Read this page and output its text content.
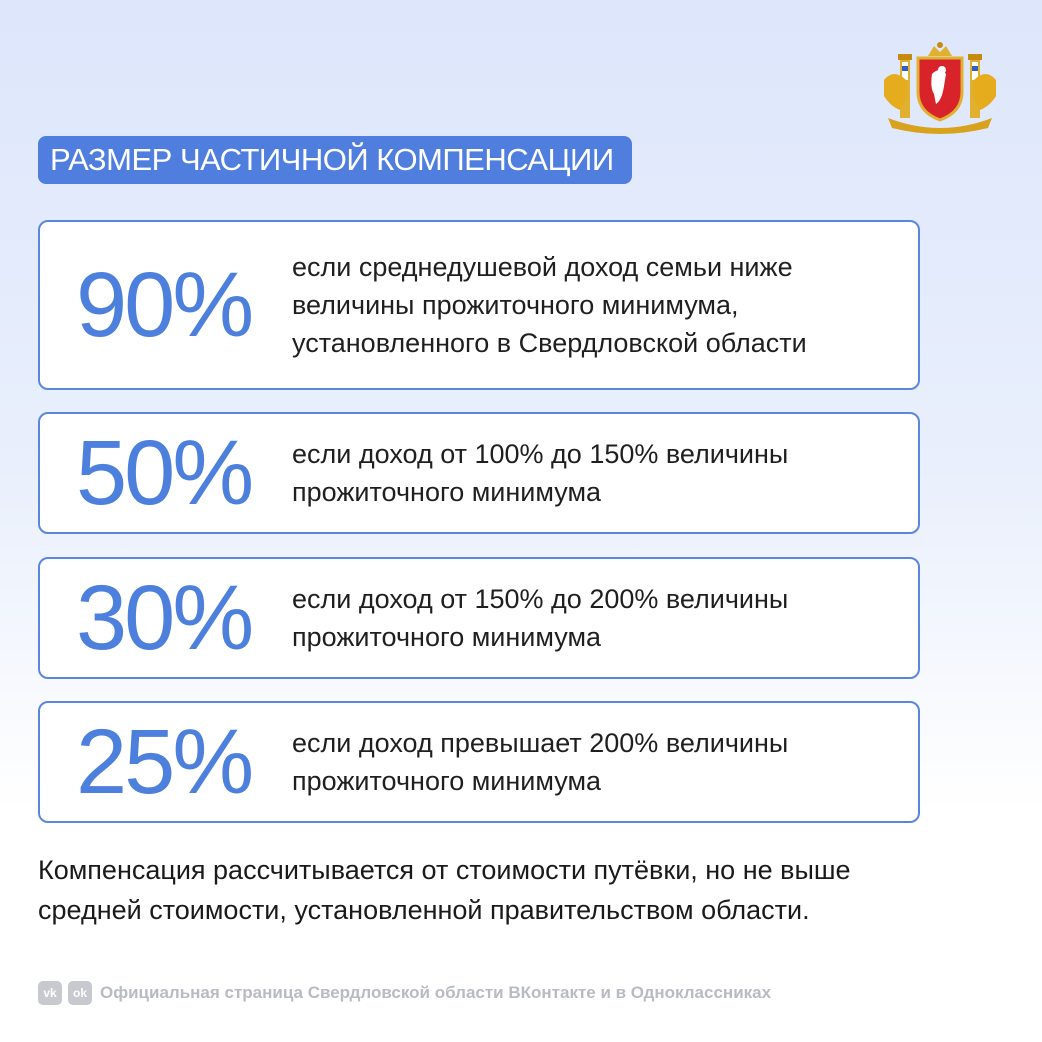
РАЗМЕР ЧАСТИЧНОЙ КОМПЕНСАЦИИ
90% если среднедушевой доход семьи ниже
величины прожиточного минимума,
установленного в Свердловской области
50% если доход от 100% до 150% величины
прожиточного минимума
30% если доход от 150% до 200% величины
прожиточного минимума
25% если доход превышает 200% величины
прожиточного минимума
Компенсация рассчитывается от стоимости путёвки, но не выше
средней стоимости, установленной правительством области.
vk	ok Официальная страница Свердловской области ВКонтакте и в Одноклассниках
